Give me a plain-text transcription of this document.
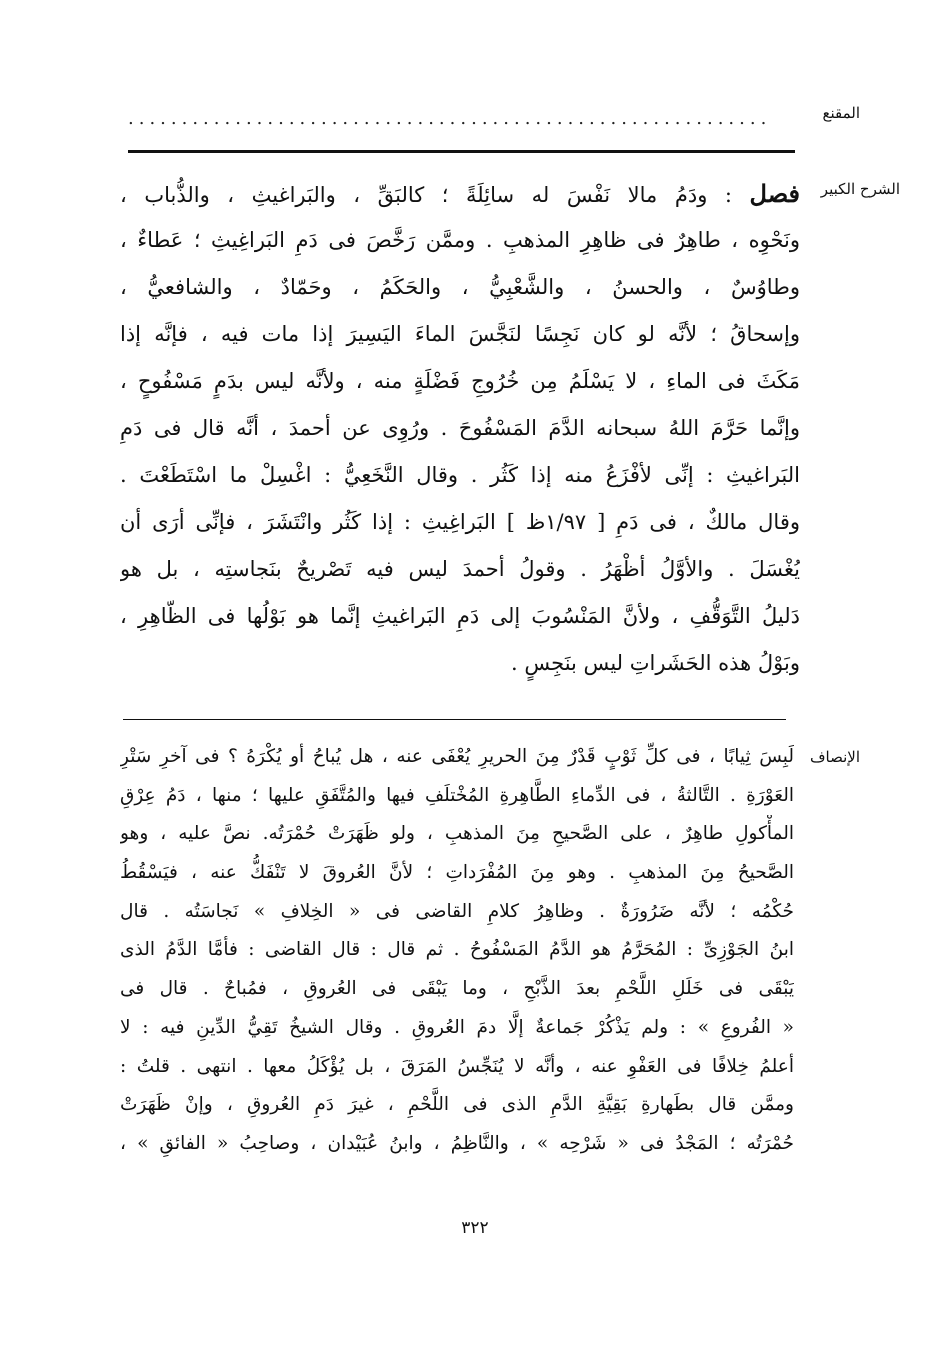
المقنع
............................................................
الشرح الكبير
الإنصاف
فصل : ودَمُ مالا نَفْسَ له سائِلَةً ؛ كالبَقِّ ، والبَراغيثِ ، والذُّباب ،
ونَحْوِه ، طاهِرٌ فى ظاهِرِ المذهبِ . وممَّن رَخَّصَ فى دَمِ البَراغِيثِ ؛ عَطاءٌ ،
وطاوُسٌ ، والحسنُ ، والشَّعْبِيُّ ، والحَكَمُ ، وحَمّادٌ ، والشافعيُّ ،
وإسحاقُ ؛ لأنَّه لو كان نَجِسًا لنَجَّسَ الماءَ اليَسِيرَ إذا مات فيه ، فإنَّه إذا
مَكَثَ فى الماءِ ، لا يَسْلَمُ مِن خُرُوجِ فَضْلَةٍ منه ، ولأنَّه ليس بدَمٍ مَسْفُوحٍ ،
وإنَّما حَرَّمَ اللهُ سبحانه الدَّمَ المَسْفُوحَ . ورُوِى عن أحمدَ ، أنَّه قال فى دَمِ
البَراغيثِ : إنِّى لأفْزَعُ منه إذا كَثُر . وقال النَّخَعِيُّ : اغْسِلْ ما اسْتَطَعْتَ .
وقال مالكٌ ، فى دَمِ [ ١/٩٧ظ ] البَراغِيثِ : إذا كَثُر وانْتَشَرَ ، فإنِّى أرَى أن
يُغْسَلَ . والأوَّلُ أظْهَرُ . وقولُ أحمدَ ليس فيه تَصْريحٌ بنَجاستِه ، بل هو
دَليلُ التَّوَقُّفِ ، ولأنَّ المَنْسُوبَ إلى دَمِ البَراغيثِ إنَّما هو بَوْلُها فى الظّاهِرِ ،
وبَوْلُ هذه الحَشَراتِ ليس بنَجِسٍ .
لَبِسَ ثِيابًا ، فى كلِّ ثَوْبٍ قَدْرٌ مِنَ الحريرِ يُعْفَى عنه ، هل يُباحُ أو يُكْرَهُ ؟ فى آخرِ سَتْرِ
العَوْرَةِ . التَّالثةُ ، فى الدِّماءِ الطَّاهِرةِ المُخْتلَفِ فيها والمُتَّفَقِ عليها ؛ منها ، دَمُ عِرْقِ
المأْكولِ طاهِرٌ ، على الصَّحيحِ مِنَ المذهبِ ، ولو ظَهَرَتْ حُمْرَتُه. نصَّ عليه ، وهو
الصَّحيحُ مِنَ المذهبِ . وهو مِنَ المُفْرَداتِ ؛ لأنَّ العُروقَ لا تَنْفَكُّ عنه ، فيَسْقُطُ
حُكْمُه ؛ لأنَّه ضَرُورَةٌ . وظاهِرُ كلامِ القاضى فى « الخِلافِ » نَجاسَتُه . قال
ابنُ الجَوْزِىِّ : المُحَرَّمُ هو الدَّمُ المَسْفُوحُ . ثم قال : قال القاضى : فأمَّا الدَّمُ الذى
يَبْقَى فى خَلَلِ اللَّحْمِ بعدَ الذَّبْحِ ، وما يَبْقَى فى العُروقِ ، فمُباحٌ . قال فى
« الفُروعِ » : ولم يَذْكُرْ جَماعةٌ إلَّا دمَ العُروقِ . وقال الشيخُ تَقِيُّ الدِّينِ فيه : لا
أعلمُ خِلافًا فى العَفْوِ عنه ، وأنَّه لا يُنَجِّسُ المَرَقَ ، بل يُؤْكَلُ معها . انتهى . قلتُ :
وممَّن قال بطَهارةِ بَقِيَّةِ الدَّمِ الذى فى اللَّحْمِ ، غيرَ دَمِ العُروقِ ، وإنْ ظَهَرَتْ
حُمْرَتُه ؛ المَجْدُ فى « شَرْحِه » ، والنَّاظِمُ ، وابنُ عُبَيْدان ، وصاحِبُ « الفائقِ » ،
٣٢٢
